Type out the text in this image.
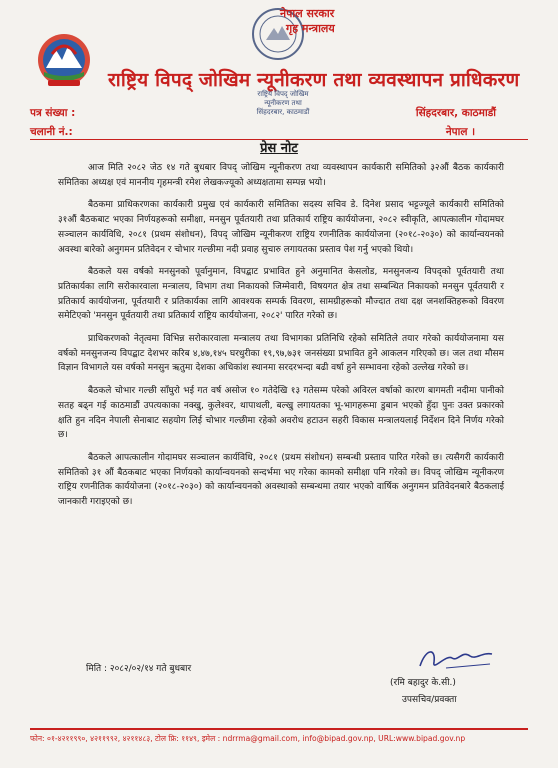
नेपाल सरकार
गृह मन्त्रालय
राष्ट्रिय विपद् जोखिम न्यूनीकरण तथा व्यवस्थापन प्राधिकरण
राष्ट्रिय विपद् जोखिम न्यूनीकरण तथा
सिंहदरबार, काठमाडौं
पत्र संख्या :
चलानी नं.:
सिंहदरबार, काठमाडौं
नेपाल ।
प्रेस नोट

आज मिति २०८२ जेठ १४ गते बुधबार विपद् जोखिम न्यूनीकरण तथा व्यवस्थापन कार्यकारी समितिको ३२औं बैठक कार्यकारी समितिका अध्यक्ष एवं माननीय गृहमन्त्री रमेश लेखकज्यूको अध्यक्षतामा सम्पन्न भयो।

बैठकमा प्राधिकरणका कार्यकारी प्रमुख एवं कार्यकारी समितिका सदस्य सचिव डे. दिनेश प्रसाद भट्टज्यूले कार्यकारी समितिको ३१औं बैठकबाट भएका निर्णयहरूको समीक्षा, मनसुन पूर्वतयारी तथा प्रतिकार्य राष्ट्रिय कार्ययोजना, २०८२ स्वीकृति, आपत्कालीन गोदामघर सञ्चालन कार्यविधि, २०८१ (प्रथम संशोधन), विपद् जोखिम न्यूनीकरण राष्ट्रिय रणनीतिक कार्ययोजना (२०१८-२०३०) को कार्यान्वयनको अवस्था बारेको अनुगमन प्रतिवेदन र चोभार गल्छीमा नदी प्रवाह सुचारु लगायतका प्रस्ताव पेश गर्नु भएको थियो।

बैठकले यस वर्षको मनसुनको पूर्वानुमान, विपद्बाट प्रभावित हुने अनुमानित केसलोड, मनसुनजन्य विपद्को पूर्वतयारी तथा प्रतिकार्यका लागि सरोकारवाला मन्त्रालय, विभाग तथा निकायको जिम्मेवारी, विषयगत क्षेत्र तथा सम्बन्धित निकायको मनसुन पूर्वतयारी र प्रतिकार्य कार्ययोजना, पूर्वतयारी र प्रतिकार्यका लागि आवश्यक सम्पर्क विवरण, सामग्रीहरूको मौज्दात तथा दक्ष जनशक्तिहरूको विवरण समेटिएको 'मनसुन पूर्वतयारी तथा प्रतिकार्य राष्ट्रिय कार्ययोजना, २०८२' पारित गरेको छ।

प्राधिकरणको नेतृत्वमा विभिन्न सरोकारवाला मन्त्रालय तथा विभागका प्रतिनिधि रहेको समितिले तयार गरेको कार्ययोजनामा यस वर्षको मनसुनजन्य विपद्बाट देशभर करिब ४,४७,१४५ घरधुरीका १९,९७,७३१ जनसंख्या प्रभावित हुने आकलन गरिएको छ। जल तथा मौसम विज्ञान विभागले यस वर्षको मनसुन ऋतुमा देशका अधिकांश स्थानमा सरदरभन्दा बढी वर्षा हुने सम्भावना रहेको उल्लेख गरेको छ।

बैठकले चोभार गल्छी साँघुरो भई गत वर्ष असोज १० गतेदेखि १३ गतेसम्म परेको अविरल वर्षाको कारण बागमती नदीमा पानीको सतह बढ्न गई काठमाडौं उपत्यकाका नक्खु, कुलेश्वर, थापाथली, बल्खु लगायतका भू-भागहरूमा डुबान भएको हुँदा पुनः उक्त प्रकारको क्षति हुन नदिन नेपाली सेनाबाट सहयोग लिई चोभार गल्छीमा रहेको अवरोध हटाउन सहरी विकास मन्त्रालयलाई निर्देशन दिने निर्णय गरेको छ।

बैठकले आपत्कालीन गोदामघर सञ्चालन कार्यविधि, २०८१ (प्रथम संशोधन) सम्बन्धी प्रस्ताव पारित गरेको छ। त्यसैगरी कार्यकारी समितिको ३१ औं बैठकबाट भएका निर्णयको कार्यान्वयनको सन्दर्भमा भए गरेका कामको समीक्षा पनि गरेको छ। विपद् जोखिम न्यूनीकरण राष्ट्रिय रणनीतिक कार्ययोजना (२०१८-२०३०) को कार्यान्वयनको अवस्थाको सम्बन्धमा तयार भएको वार्षिक अनुगमन प्रतिवेदनबारे बैठकलाई जानकारी गराइएको छ।

मिति : २०८२/०२/१४ गते बुधबार
(रमि बहादुर के.सी.)
उपसचिव/प्रवक्ता
फोन: ०१-४२११९९०, ४२११९९२, ४२११४८३, टोल फ्रि: ११४९, इमेल : ndrrma@gmail.com, info@bipad.gov.np, URL:www.bipad.gov.np
